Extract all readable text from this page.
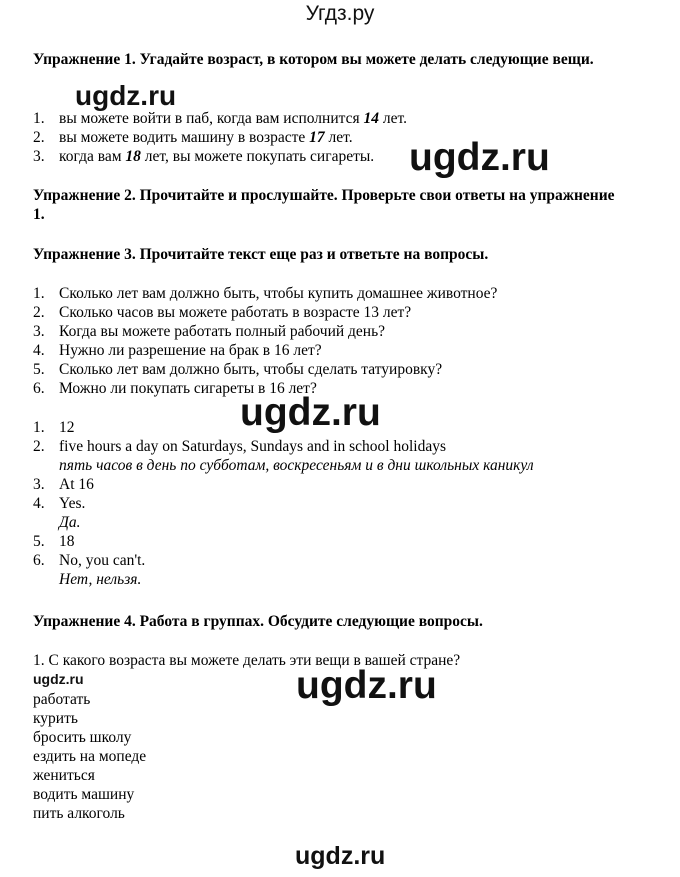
Угдз.ру
Упражнение 1. Угадайте возраст, в котором вы можете делать следующие вещи.
1. вы можете войти в паб, когда вам исполнится 14 лет.
2. вы можете водить машину в возрасте 17 лет.
3. когда вам 18 лет, вы можете покупать сигареты.
Упражнение 2. Прочитайте и прослушайте. Проверьте свои ответы на упражнение 1.
Упражнение 3. Прочитайте текст еще раз и ответьте на вопросы.
1. Сколько лет вам должно быть, чтобы купить домашнее животное?
2. Сколько часов вы можете работать в возрасте 13 лет?
3. Когда вы можете работать полный рабочий день?
4. Нужно ли разрешение на брак в 16 лет?
5. Сколько лет вам должно быть, чтобы сделать татуировку?
6. Можно ли покупать сигареты в 16 лет?
1. 12
2. five hours a day on Saturdays, Sundays and in school holidays
пять часов в день по субботам, воскресеньям и в дни школьных каникул
3. At 16
4. Yes.
Да.
5. 18
6. No, you can't.
Нет, нельзя.
Упражнение 4. Работа в группах. Обсудите следующие вопросы.
1. С какого возраста вы можете делать эти вещи в вашей стране?
работать
курить
бросить школу
ездить на мопеде
жениться
водить машину
пить алкоголь
ugdz.ru
ugdz.ru
ugdz.ru
ugdz.ru
ugdz.ru
ugdz.ru
